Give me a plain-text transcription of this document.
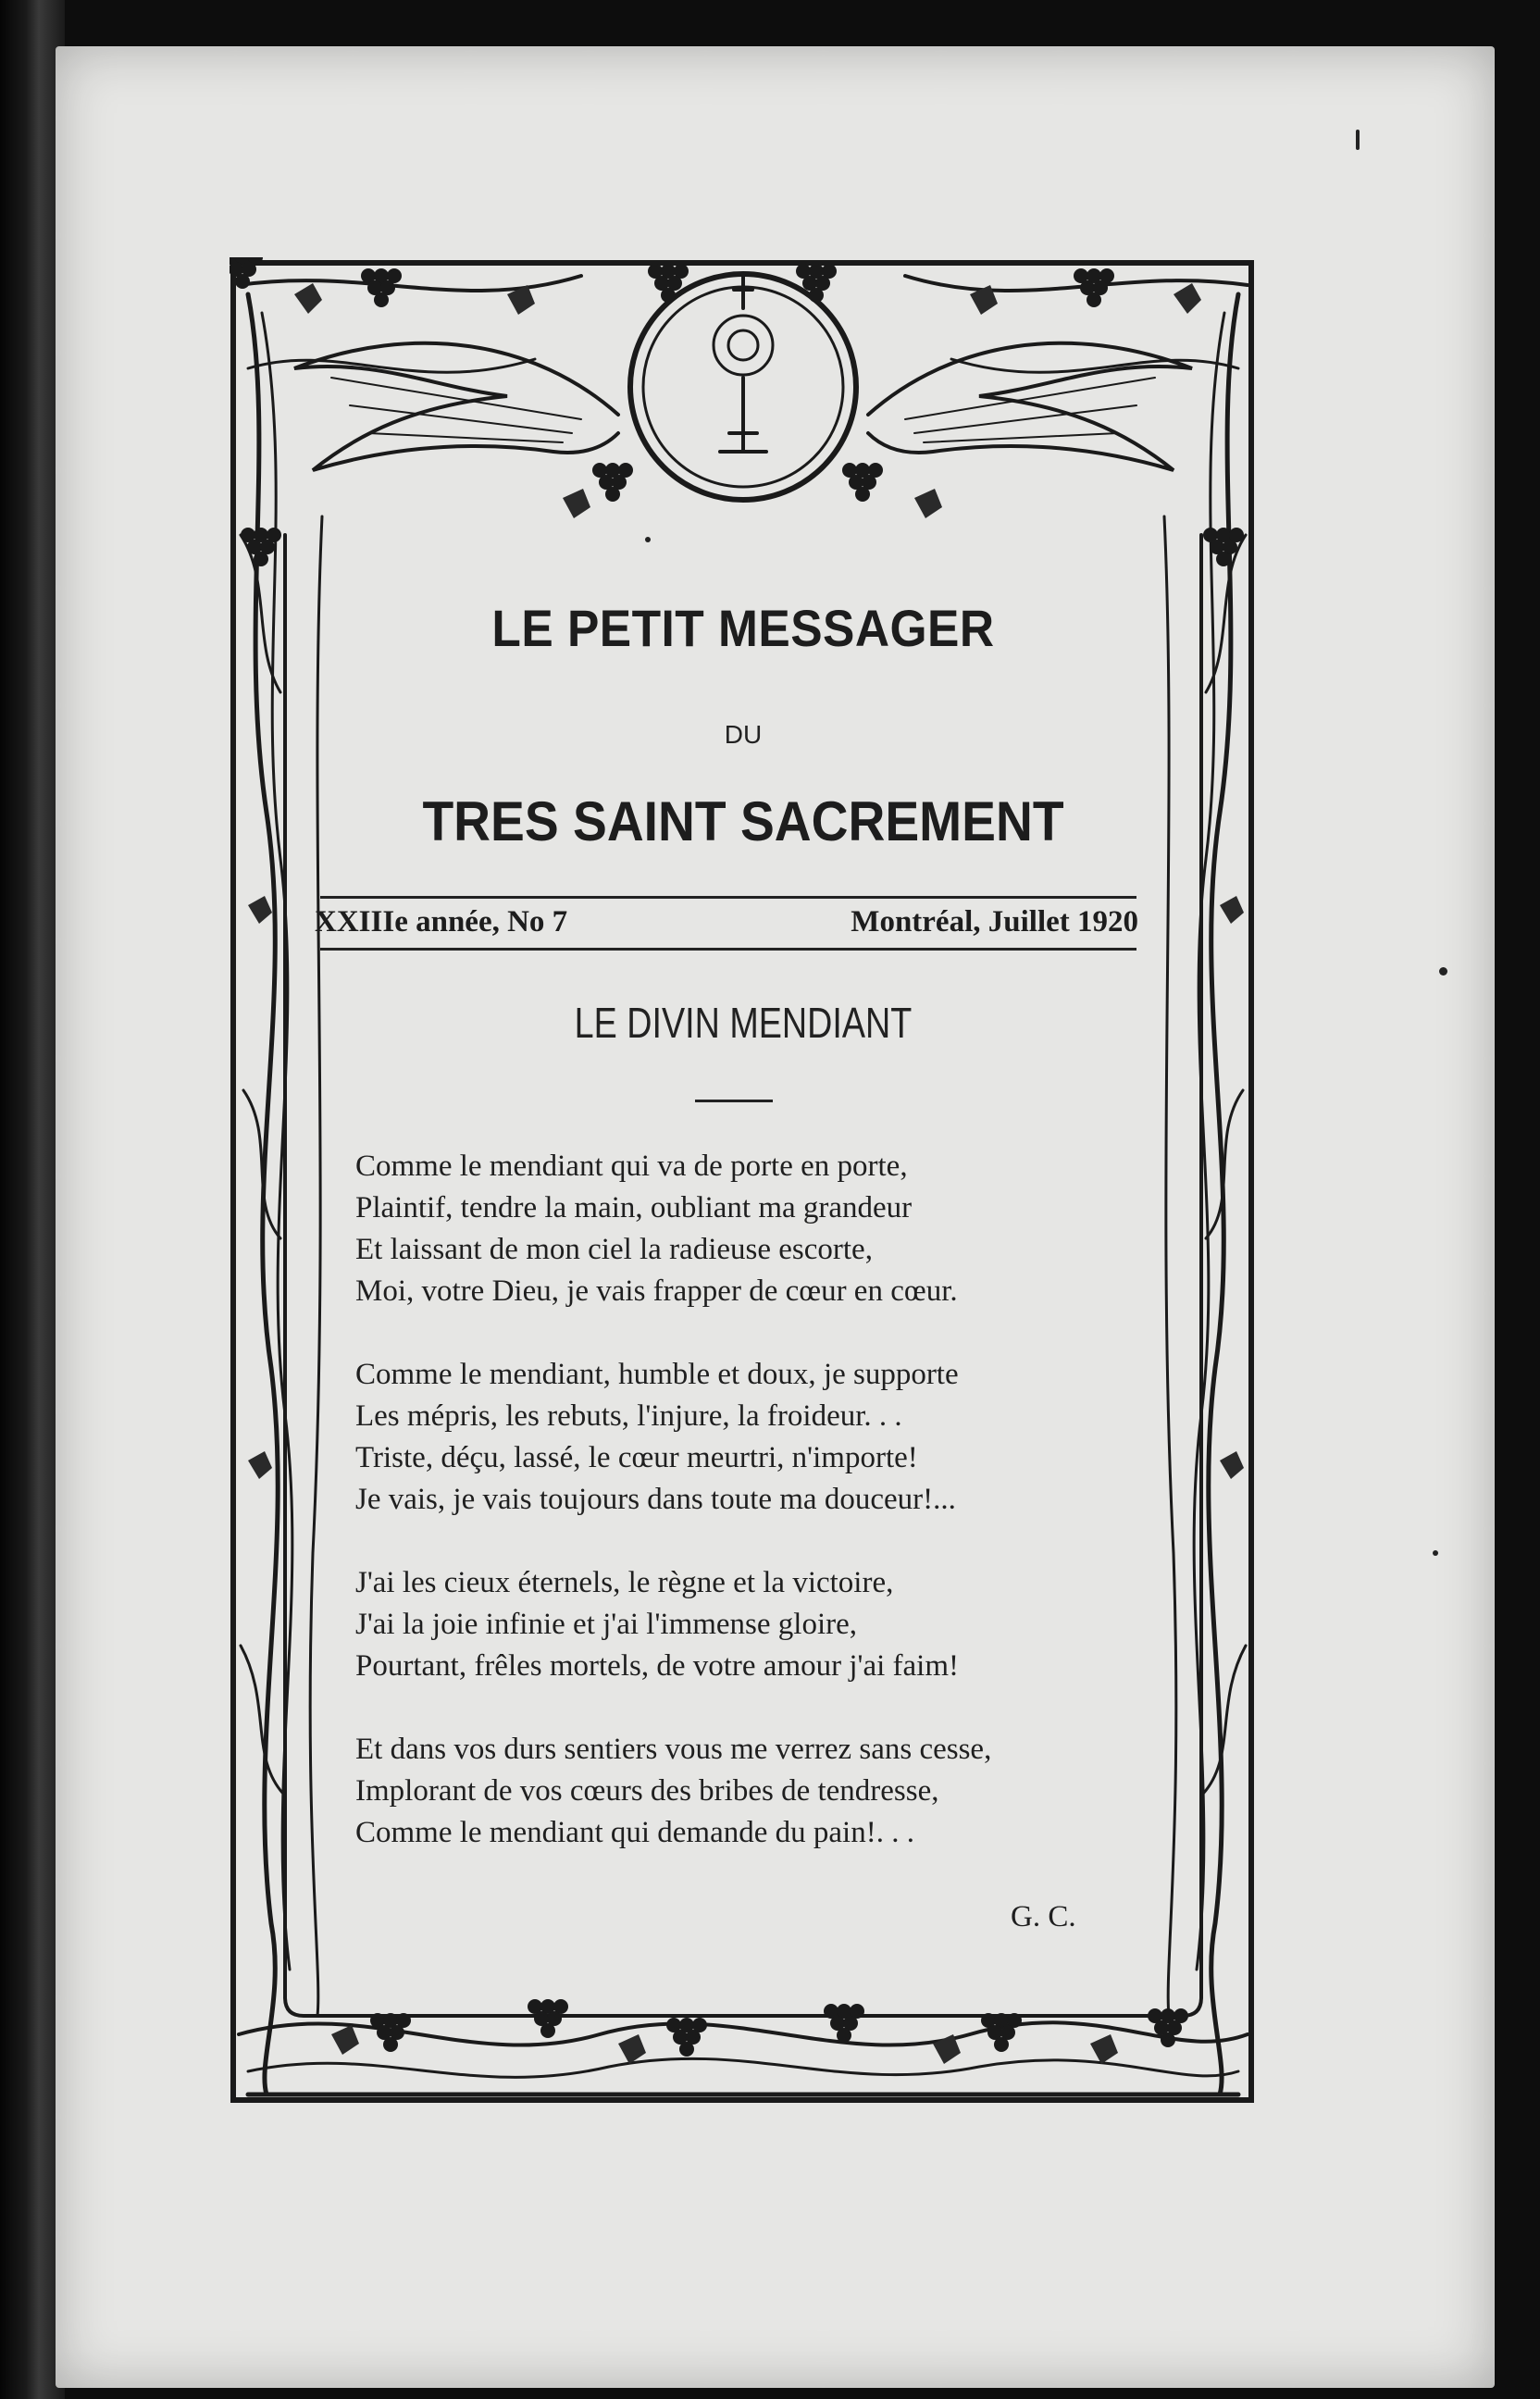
LE PETIT MESSAGER
DU
TRES SAINT SACREMENT
XXIIIe année, No 7	Montréal, Juillet 1920
LE DIVIN MENDIANT
Comme le mendiant qui va de porte en porte,
Plaintif, tendre la main, oubliant ma grandeur
Et laissant de mon ciel la radieuse escorte,
Moi, votre Dieu, je vais frapper de cœur en cœur.
Comme le mendiant, humble et doux, je supporte
Les mépris, les rebuts, l'injure, la froideur. . .
Triste, déçu, lassé, le cœur meurtri, n'importe!
Je vais, je vais toujours dans toute ma douceur!...
J'ai les cieux éternels, le règne et la victoire,
J'ai la joie infinie et j'ai l'immense gloire,
Pourtant, frêles mortels, de votre amour j'ai faim!
Et dans vos durs sentiers vous me verrez sans cesse,
Implorant de vos cœurs des bribes de tendresse,
Comme le mendiant qui demande du pain!. . .
G. C.
